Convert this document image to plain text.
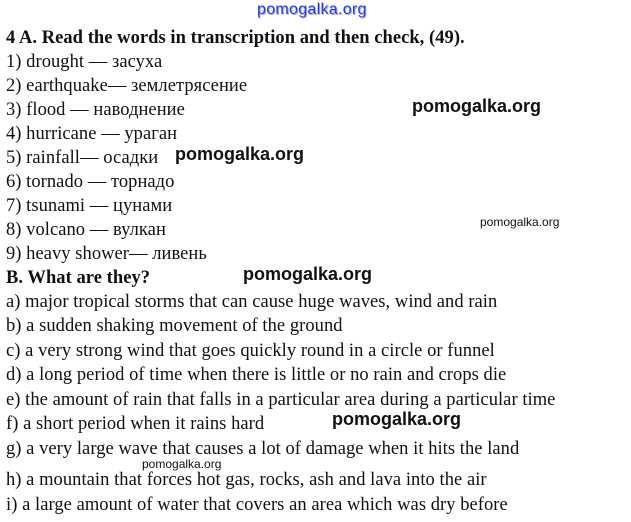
pomogalka.org
4 A. Read the words in transcription and then check, (49).
1) drought — засуха
2) earthquake— землетрясение
3) flood — наводнение
4) hurricane — ураган
5) rainfall— осадки
6) tornado — торнадо
7) tsunami — цунами
8) volcano — вулкан
9) heavy shower— ливень
B. What are they?
a) major tropical storms that can cause huge waves, wind and rain
b) a sudden shaking movement of the ground
c) a very strong wind that goes quickly round in a circle or funnel
d) a long period of time when there is little or no rain and crops die
e) the amount of rain that falls in a particular area during a particular time
f) a short period when it rains hard
g) a very large wave that causes a lot of damage when it hits the land
h) a mountain that forces hot gas, rocks, ash and lava into the air
i) a large amount of water that covers an area which was dry before
pomogalka.org
pomogalka.org
pomogalka.org
pomogalka.org
pomogalka.org
pomogalka.org
